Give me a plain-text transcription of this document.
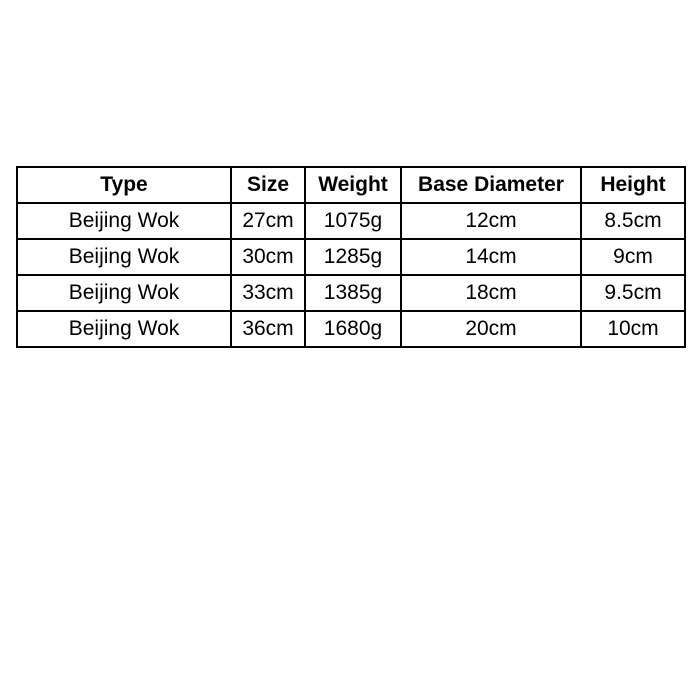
Type	Size	Weight	Base Diameter	Height
Beijing Wok	27cm	1075g	12cm	8.5cm
Beijing Wok	30cm	1285g	14cm	9cm
Beijing Wok	33cm	1385g	18cm	9.5cm
Beijing Wok	36cm	1680g	20cm	10cm
